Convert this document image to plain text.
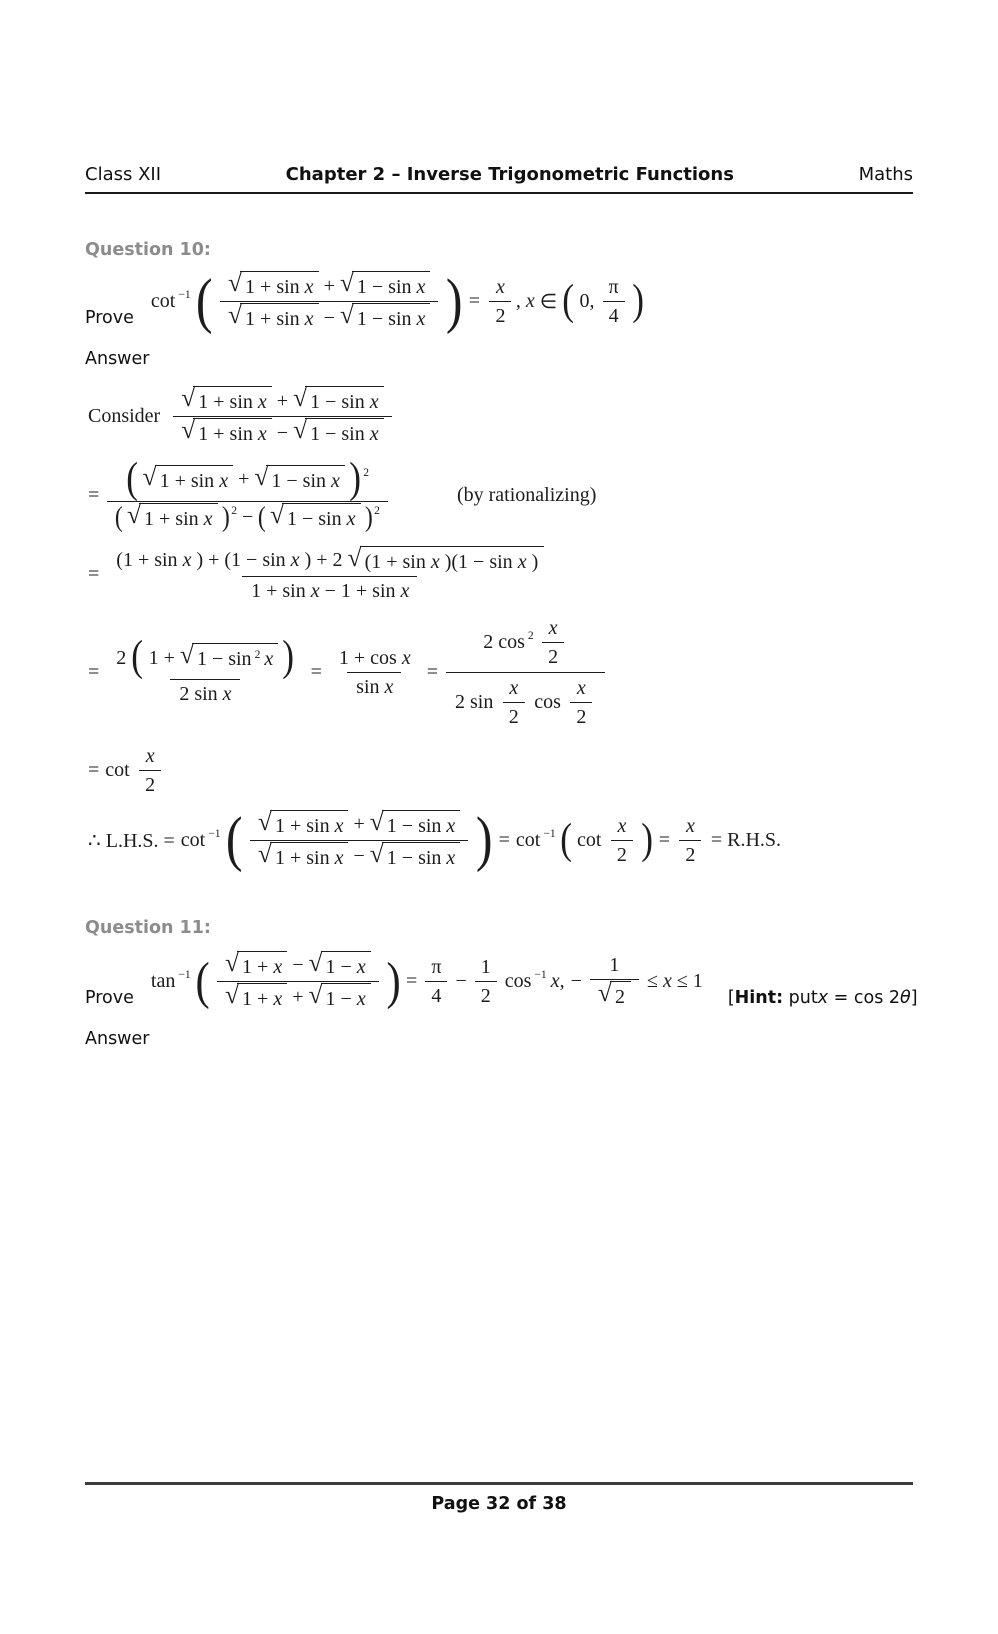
Class XII	Chapter 2 – Inverse Trigonometric Functions	Maths
Question 10:
Prove
cot −1 ( $\frac{\text{√ 1 + sin x + √ 1 − sin x}}{\text{√ 1 + sin x − √ 1 − sin x}}$ ) = $\frac{x}{2}$ , x ∈ ( 0, $\frac{\pi}{4}$ )
Answer
Consider $\frac{\text{√ 1 + sin x + √ 1 − sin x}}{\text{√ 1 + sin x − √ 1 − sin x}}$
= ( √ 1 + sin x + √ 1 − sin x ) 2
( √ 1 + sin x ) 2 − ( √ 1 − sin x ) 2
(by rationalizing)
=
(1 + sin x ) + (1 − sin x ) + 2 √ (1 + sin x )(1 − sin x )
1 + sin x − 1 + sin x
= $\frac{2 ( 1 + √ 1 - \sin 2 x )}{\text{2 sin x}} = \frac{\text{1 + cos x}}{\text{sin x}} = \frac{2 \cos 2 \frac{x}{2}}{2 \sin \frac{x}{2} \cos \frac{x}{2}}$
= $\cot \frac{x}{2}$
∴ L.H.S. = cot −1 ( $\frac{\text{√ 1 + sin x + √ 1 − sin x}}{\text{√ 1 + sin x − √ 1 − sin x}}$ ) = cot −1 ( $\cot \frac{x}{2}$ ) = $\frac{x}{2} = R.H.S$.
Question 11:
Prove
tan −1 ( $\frac{√ 1 + x - √ 1 - x}{√ 1 + x + √ 1 - x}$ ) = $\frac{\pi}{4} - \frac{1}{2}$ cos −1 x , − $\frac{1}{√ 2} \le x \le 1$
[ Hint: put x = cos 2 θ ]
Answer
Page 32 of 38
